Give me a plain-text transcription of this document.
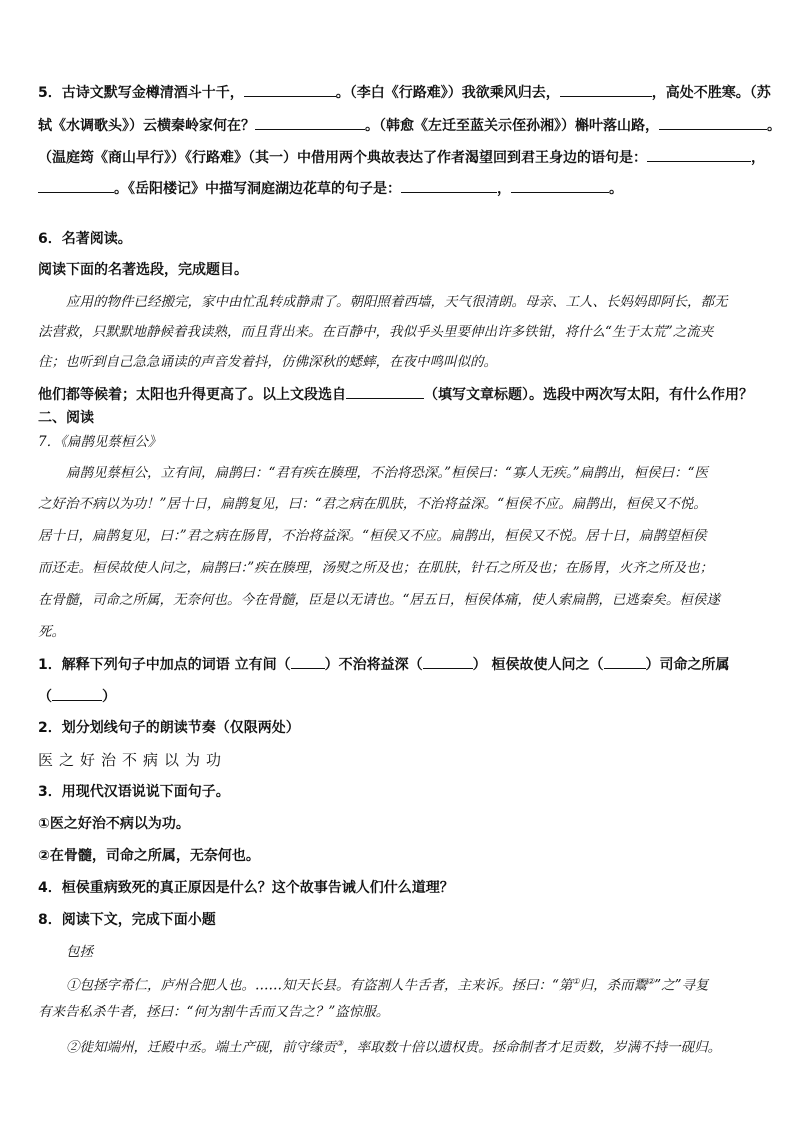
5．古诗文默写金樽清酒斗十千，	。（李白《行路难》）我欲乘风归去，	，高处不胜寒。（苏
轼《水调歌头》）云横秦岭家何在？	。（韩愈《左迁至蓝关示侄孙湘》）槲叶落山路，	。
（温庭筠《商山早行》）《行路难》（其一）中借用两个典故表达了作者渴望回到君王身边的语句是：	，
。《岳阳楼记》中描写洞庭湖边花草的句子是：	，	。
6．名著阅读。
阅读下面的名著选段，完成题目。
应用的物件已经搬完，家中由忙乱转成静肃了。朝阳照着西墙，天气很清朗。母亲、工人、长妈妈即阿长，都无
法营救，只默默地静候着我读熟，而且背出来。在百静中，我似乎头里要伸出许多铁钳，将什么“生于太荒”之流夹
住；也听到自己急急诵读的声音发着抖，仿佛深秋的蟋蟀，在夜中鸣叫似的。
他们都等候着；太阳也升得更高了。以上文段选自	（填写文章标题）。选段中两次写太阳，有什么作用？
二、阅读
7．《扁鹊见蔡桓公》
扁鹊见蔡桓公，立有间，扁鹊曰：“君有疾在腠理，不治将恐深。”桓侯曰：“寡人无疾。”扁鹊出，桓侯曰：“医
之好治不病以为功！”居十日，扁鹊复见，曰：“君之病在肌肤，不治将益深。“桓侯不应。扁鹊出，桓侯又不悦。
居十日，扁鹊复见，曰：”君之病在肠胃，不治将益深。“桓侯又不应。扁鹊出，桓侯又不悦。居十日，扁鹊望桓侯
而还走。桓侯故使人问之，扁鹊曰：”疾在腠理，汤熨之所及也；在肌肤，针石之所及也；在肠胃，火齐之所及也；
在骨髓，司命之所属，无奈何也。今在骨髓，臣是以无请也。“居五日，桓侯体痛，使人索扁鹊，已逃秦矣。桓侯遂
死。
1．解释下列句子中加点的词语 立有间（ ）不治将益深（	） 桓侯故使人问之（	）司命之所属
（	）
2．划分划线句子的朗读节奏（仅限两处）
医之好治不病以为功
3．用现代汉语说说下面句子。
①医之好治不病以为功。
②在骨髓，司命之所属，无奈何也。
4．桓侯重病致死的真正原因是什么？这个故事告诫人们什么道理？
8．阅读下文，完成下面小题
包拯
①包拯字希仁，庐州合肥人也。……知天长县。有盗割人牛舌者，主来诉。拯曰：“第①归，杀而鬻②”之”寻复
有来告私杀牛者，拯曰：“何为割牛舌而又告之？”盗惊服。
②徙知端州，迁殿中丞。端土产砚，前守缘贡③，率取数十倍以遗权贵。拯命制者才足贡数，岁满不持一砚归。
